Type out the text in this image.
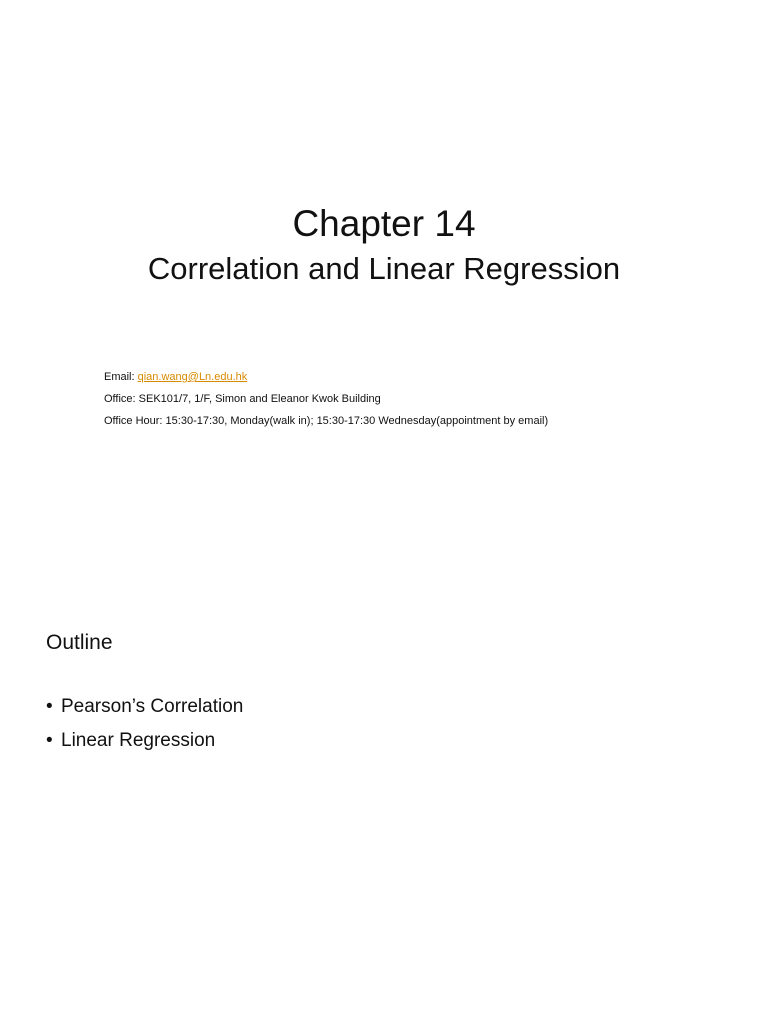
Chapter 14
Correlation and Linear Regression
Email: qian.wang@Ln.edu.hk
Office: SEK101/7, 1/F, Simon and Eleanor Kwok Building
Office Hour: 15:30-17:30, Monday(walk in); 15:30-17:30 Wednesday(appointment by email)
Outline
• Pearson’s Correlation
• Linear Regression
